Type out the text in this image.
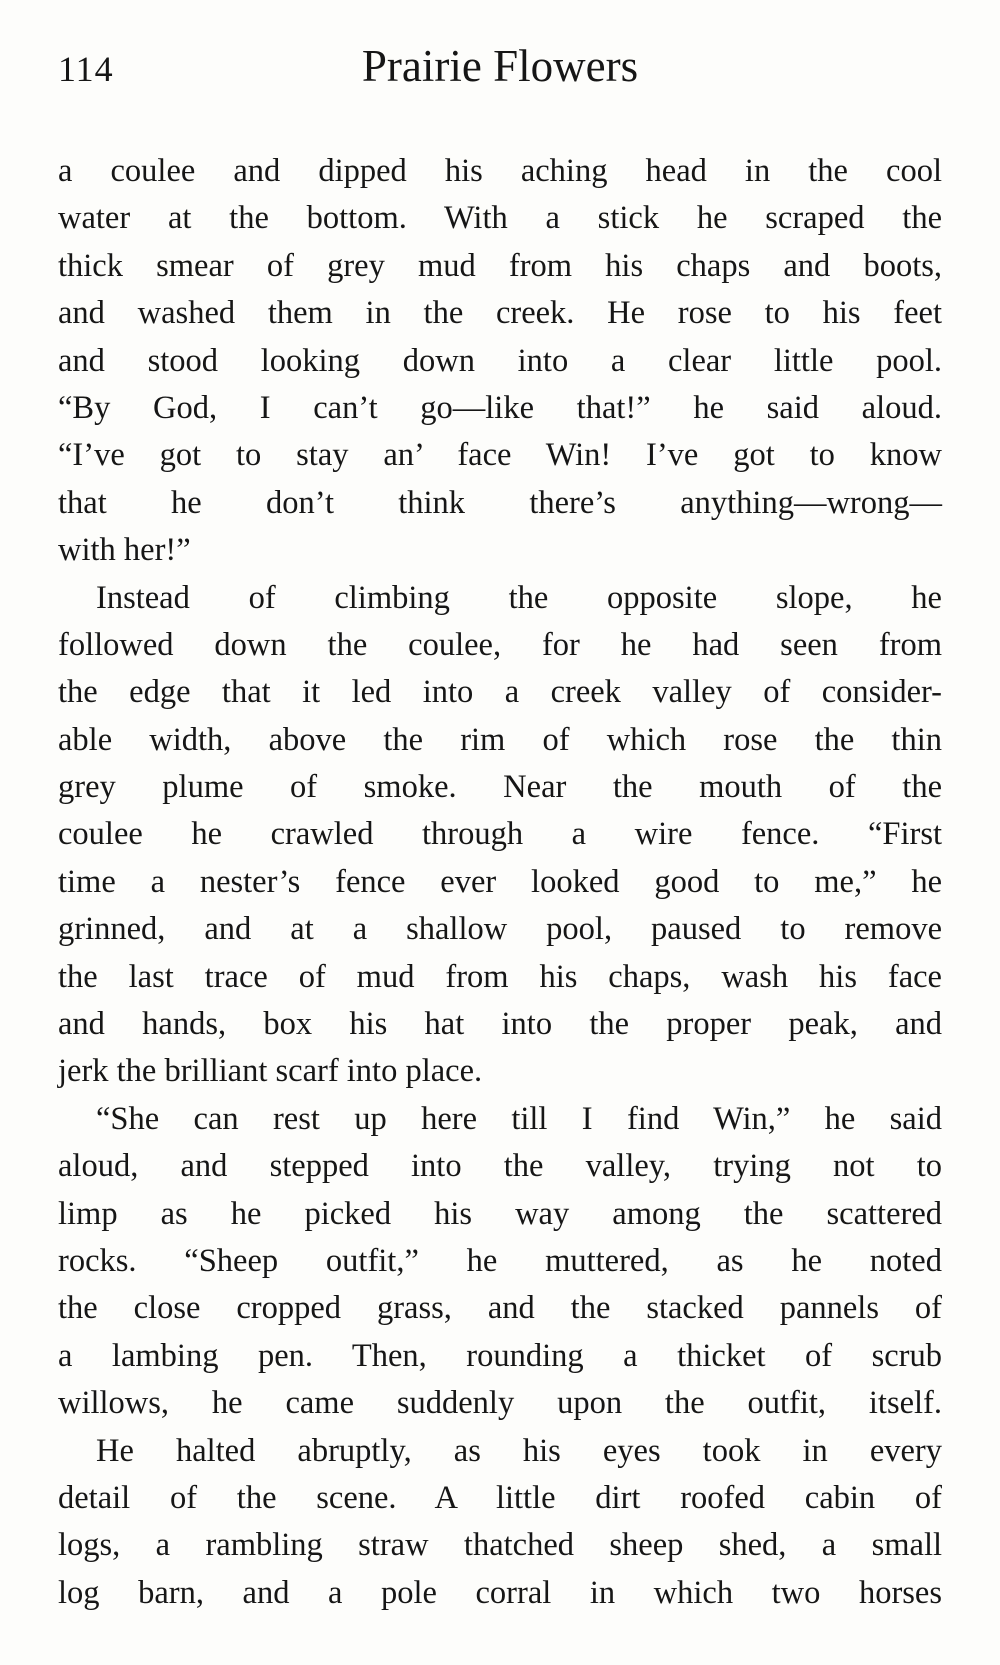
114	Prairie Flowers
a coulee and dipped his aching head in the cool
water at the bottom. With a stick he scraped the
thick smear of grey mud from his chaps and boots,
and washed them in the creek. He rose to his feet
and stood looking down into a clear little pool.
“By God, I can’t go—like that!” he said aloud.
“I’ve got to stay an’ face Win! I’ve got to know
that he don’t think there’s anything—wrong—
with her!”
Instead of climbing the opposite slope, he
followed down the coulee, for he had seen from
the edge that it led into a creek valley of consider-
able width, above the rim of which rose the thin
grey plume of smoke. Near the mouth of the
coulee he crawled through a wire fence. “First
time a nester’s fence ever looked good to me,” he
grinned, and at a shallow pool, paused to remove
the last trace of mud from his chaps, wash his face
and hands, box his hat into the proper peak, and
jerk the brilliant scarf into place.
“She can rest up here till I find Win,” he said
aloud, and stepped into the valley, trying not to
limp as he picked his way among the scattered
rocks. “Sheep outfit,” he muttered, as he noted
the close cropped grass, and the stacked pannels of
a lambing pen. Then, rounding a thicket of scrub
willows, he came suddenly upon the outfit, itself.
He halted abruptly, as his eyes took in every
detail of the scene. A little dirt roofed cabin of
logs, a rambling straw thatched sheep shed, a small
log barn, and a pole corral in which two horses
